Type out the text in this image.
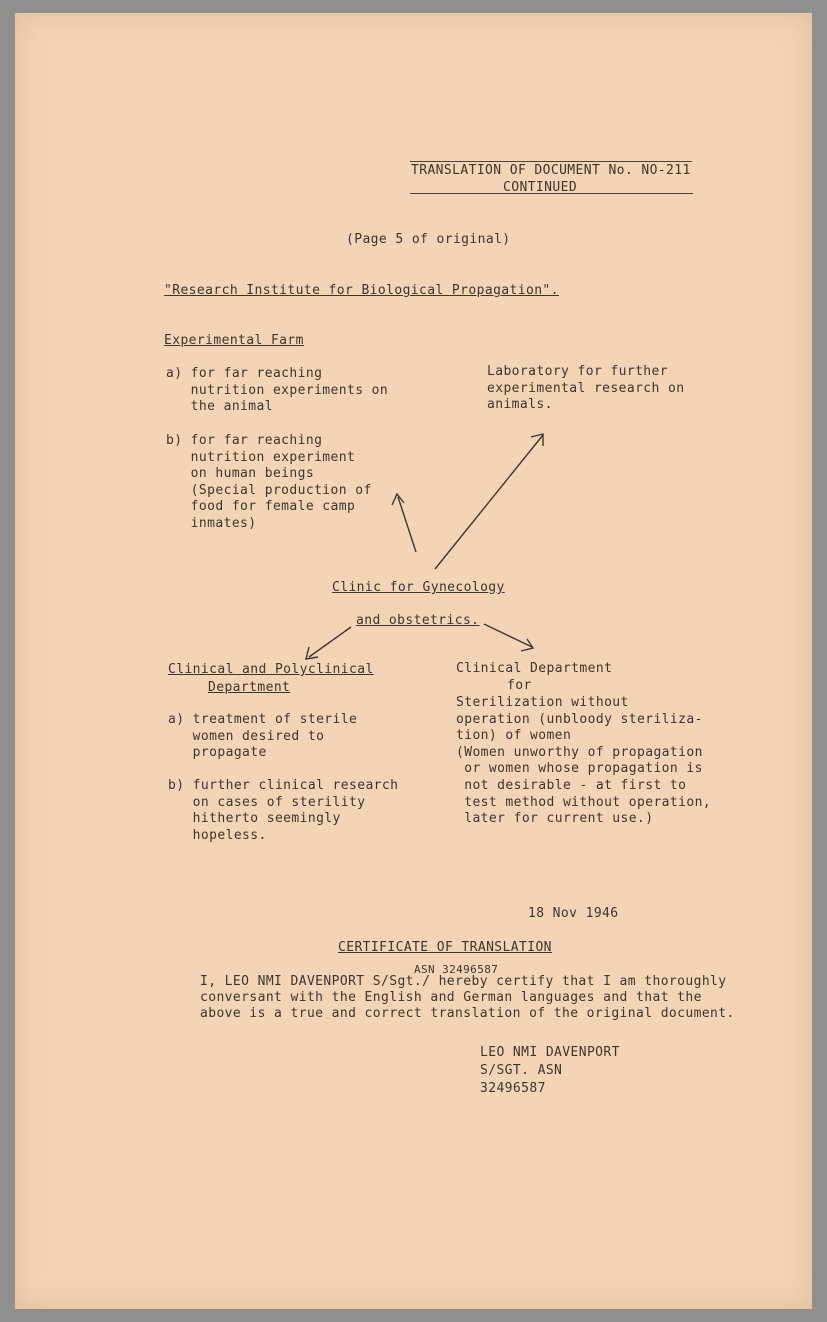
TRANSLATION OF DOCUMENT No. NO-211

CONTINUED

(Page 5 of original)
"Research Institute for Biological Propagation".
Experimental Farm
a) for far reaching
nutrition experiments on
the animal
b) for far reaching
nutrition experiment
on human beings
(Special production of
food for female camp
inmates)
Laboratory for further
experimental research on
animals.
Clinic for Gynecology
and obstetrics.
Clinical and Polyclinical
Department
a) treatment of sterile
women desired to
propagate
b) further clinical research
on cases of sterility
hitherto seemingly
hopeless.
Clinical Department
for
Sterilization without
operation (unbloody steriliza-
tion) of women
(Women unworthy of propagation
or women whose propagation is
not desirable - at first to
test method without operation,
later for current use.)
18 Nov 1946
CERTIFICATE OF TRANSLATION
ASN 32496587
I, LEO NMI DAVENPORT S/Sgt./ hereby certify that I am thoroughly
conversant with the English and German languages and that the
above is a true and correct translation of the original document.
LEO NMI DAVENPORT
S/SGT. ASN
32496587
